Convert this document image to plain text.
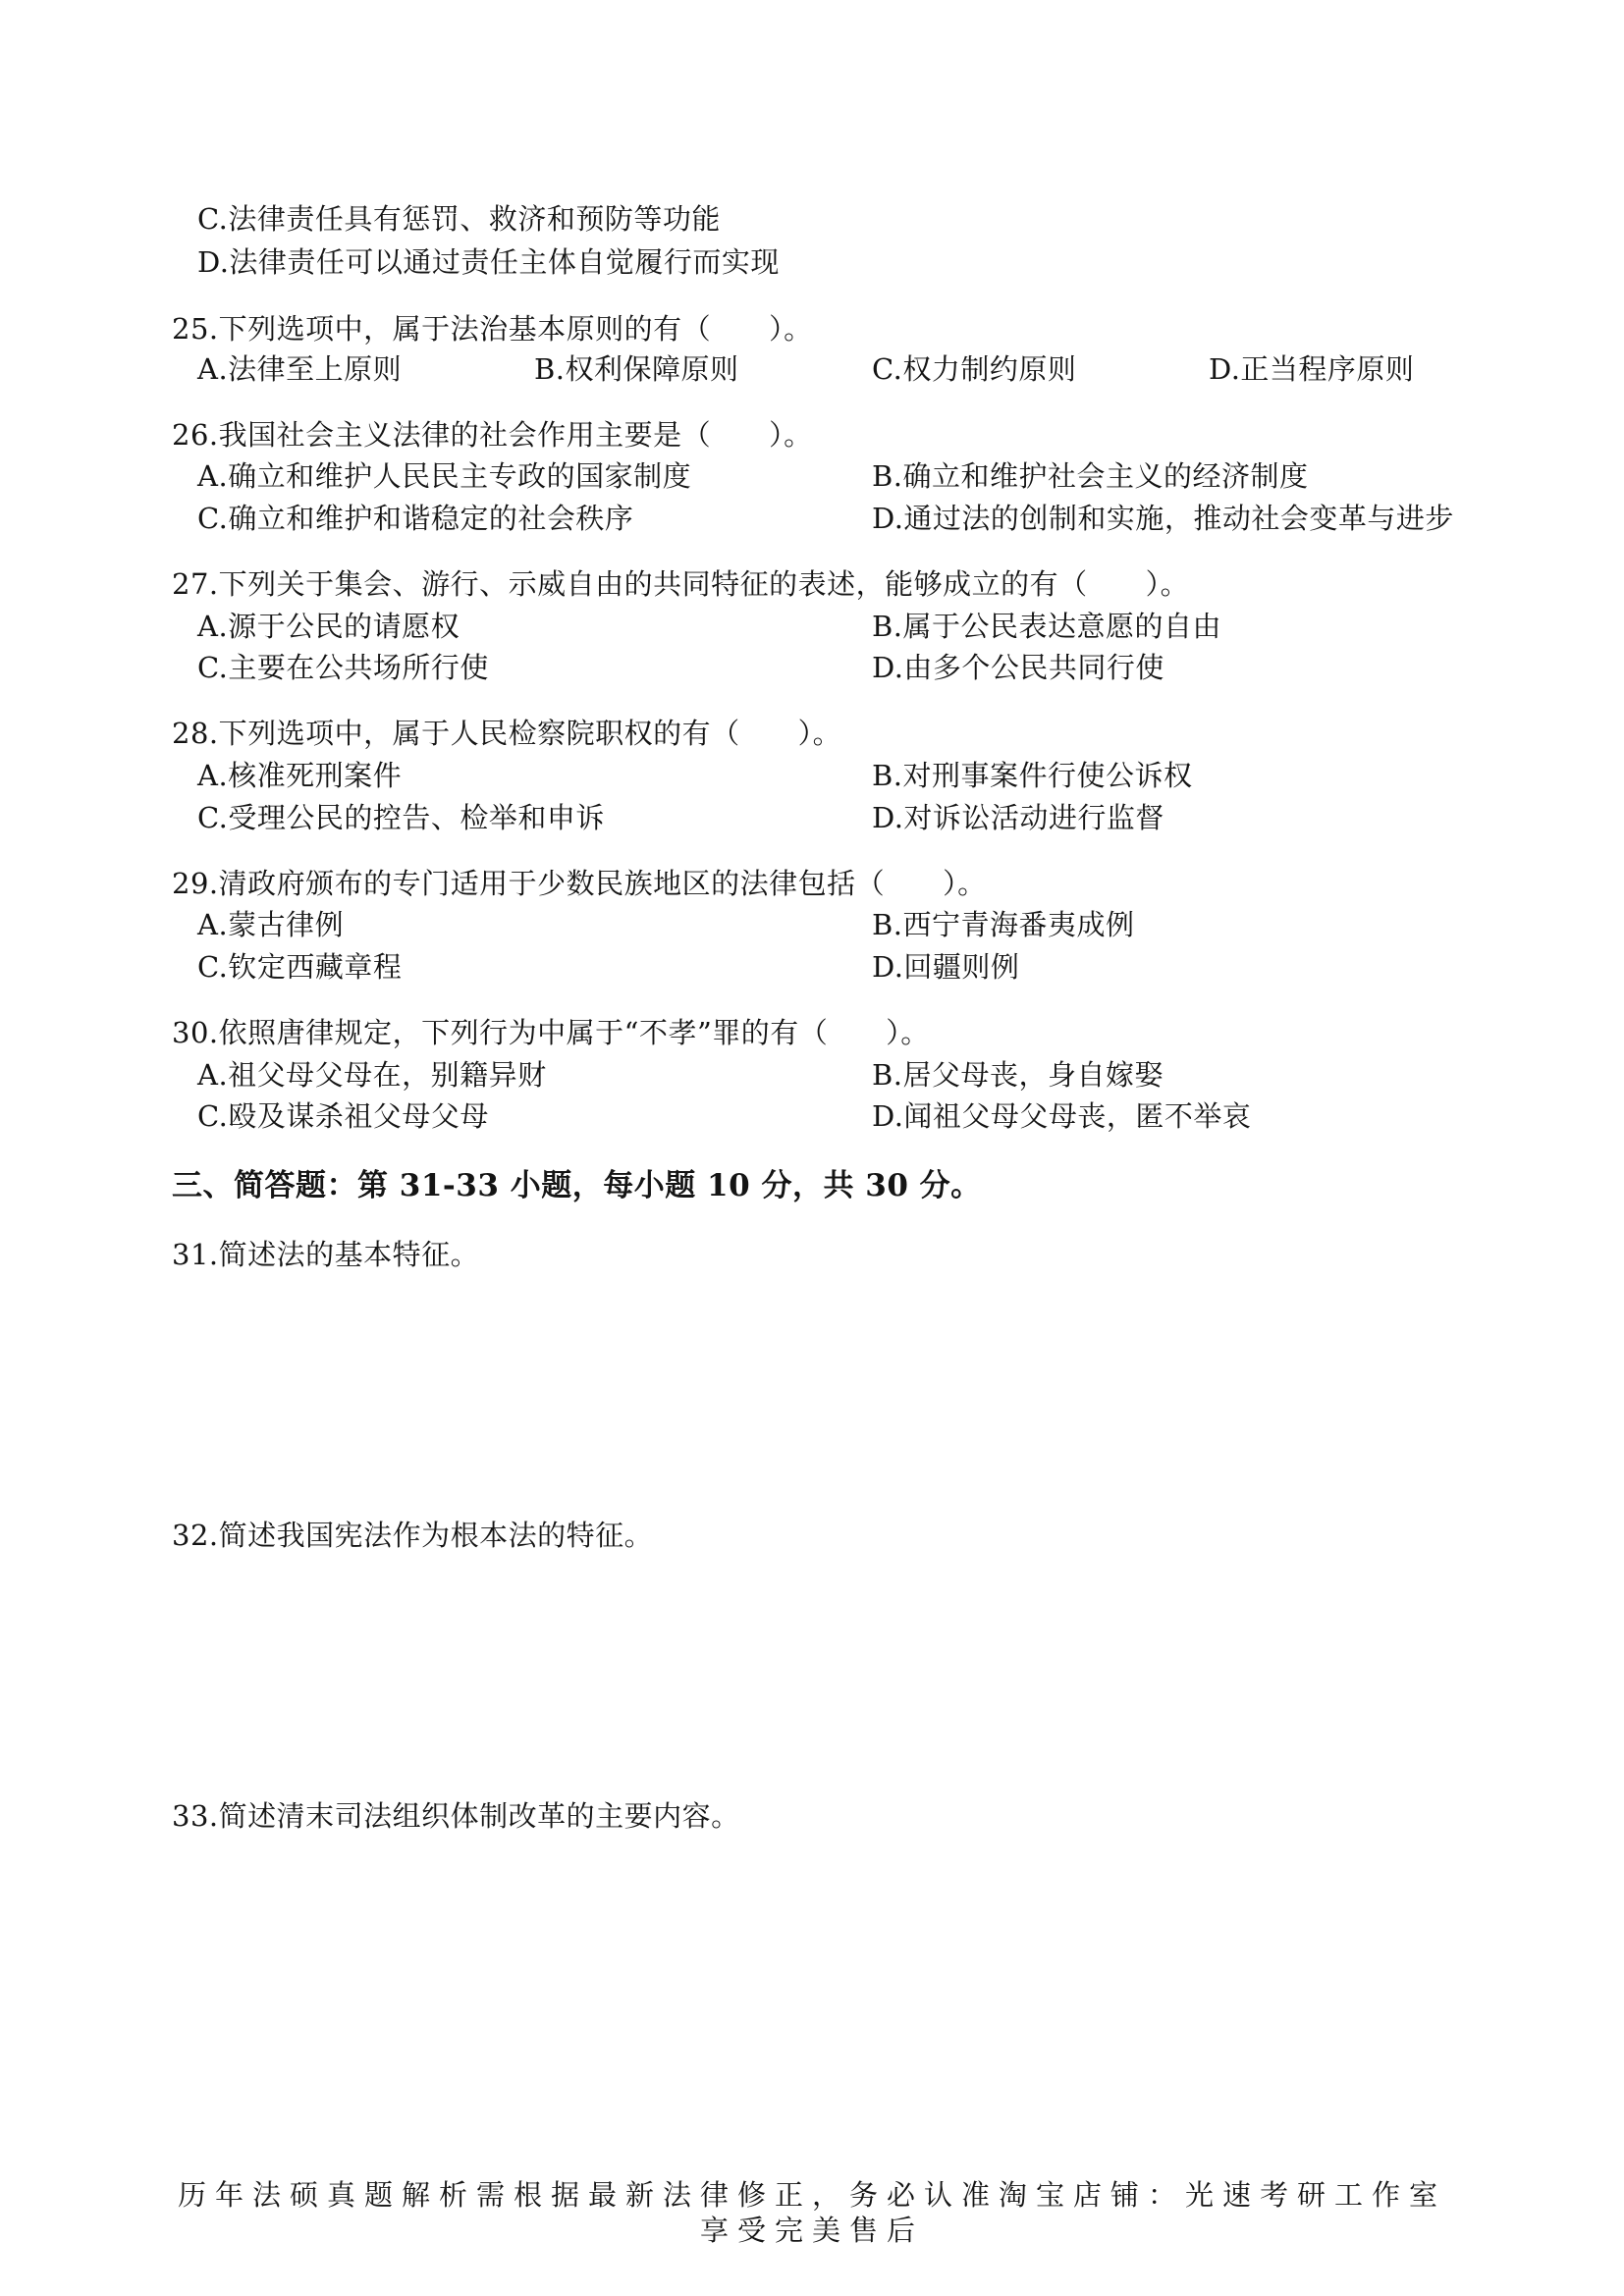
C.法律责任具有惩罚、救济和预防等功能
D.法律责任可以通过责任主体自觉履行而实现
25.下列选项中，属于法治基本原则的有（　　）。
A.法律至上原则	B.权利保障原则	C.权力制约原则	D.正当程序原则
26.我国社会主义法律的社会作用主要是（　　）。
A.确立和维护人民民主专政的国家制度	B.确立和维护社会主义的经济制度
C.确立和维护和谐稳定的社会秩序	D.通过法的创制和实施，推动社会变革与进步
27.下列关于集会、游行、示威自由的共同特征的表述，能够成立的有（　　）。
A.源于公民的请愿权	B.属于公民表达意愿的自由
C.主要在公共场所行使	D.由多个公民共同行使
28.下列选项中，属于人民检察院职权的有（　　）。
A.核准死刑案件	B.对刑事案件行使公诉权
C.受理公民的控告、检举和申诉	D.对诉讼活动进行监督
29.清政府颁布的专门适用于少数民族地区的法律包括（　　）。
A.蒙古律例	B.西宁青海番夷成例
C.钦定西藏章程	D.回疆则例
30.依照唐律规定，下列行为中属于“不孝”罪的有（　　）。
A.祖父母父母在，别籍异财	B.居父母丧，身自嫁娶
C.殴及谋杀祖父母父母	D.闻祖父母父母丧，匿不举哀
三、简答题：第 31-33 小题，每小题 10 分，共 30 分。
31.简述法的基本特征。
32.简述我国宪法作为根本法的特征。
33.简述清末司法组织体制改革的主要内容。
历年法硕真题解析需根据最新法律修正，务必认准淘宝店铺：光速考研工作室
享受完美售后
